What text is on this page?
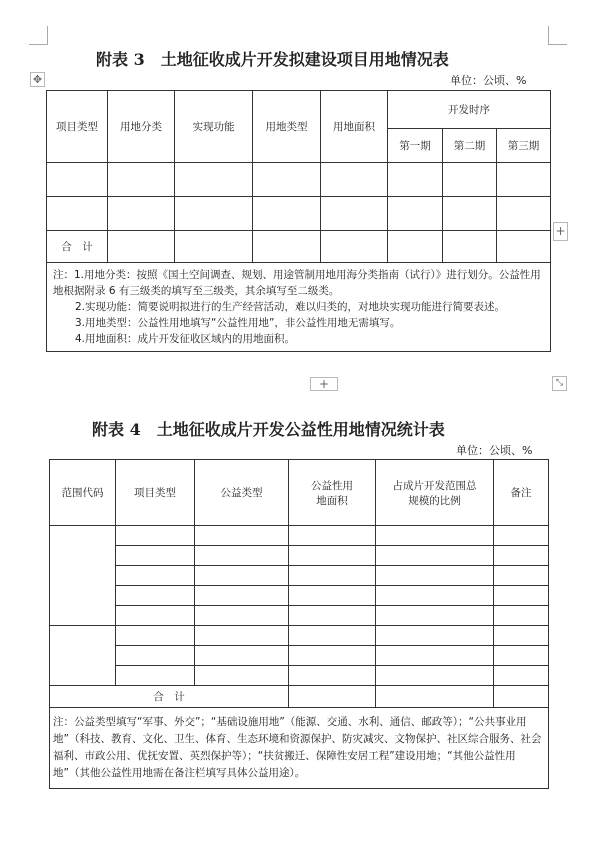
附表 3　土地征收成片开发拟建设项目用地情况表
单位：公顷、%
✥
项目类型	用地分类	实现功能	用地类型	用地面积	开发时序		
					第一期	第二期	第三期

合　计							

注：1.用地分类：按照《国土空间调查、规划、用途管制用地用海分类指南（试行）》进行划分。公益性用地根据附录 6 有三级类的填写至三级类，其余填写至二级类。
2.实现功能：简要说明拟进行的生产经营活动，难以归类的，对地块实现功能进行简要表述。
3.用地类型：公益性用地填写“公益性用地”，非公益性用地无需填写。
4.用地面积：成片开发征收区域内的用地面积。							
+
+	⤡
附表 4　土地征收成片开发公益性用地情况统计表
单位：公顷、%
范围代码	项目类型	公益类型	公益性用地面积	占成片开发范围总规模的比例	备注

合　计					
注：公益类型填写“军事、外交”；“基础设施用地”（能源、交通、水利、通信、邮政等）；“公共事业用地”（科技、教育、文化、卫生、体育、生态环境和资源保护、防灾减灾、文物保护、社区综合服务、社会福利、市政公用、优抚安置、英烈保护等）；“扶贫搬迁、保障性安居工程”建设用地；“其他公益性用地”（其他公益性用地需在备注栏填写具体公益用途）。					
